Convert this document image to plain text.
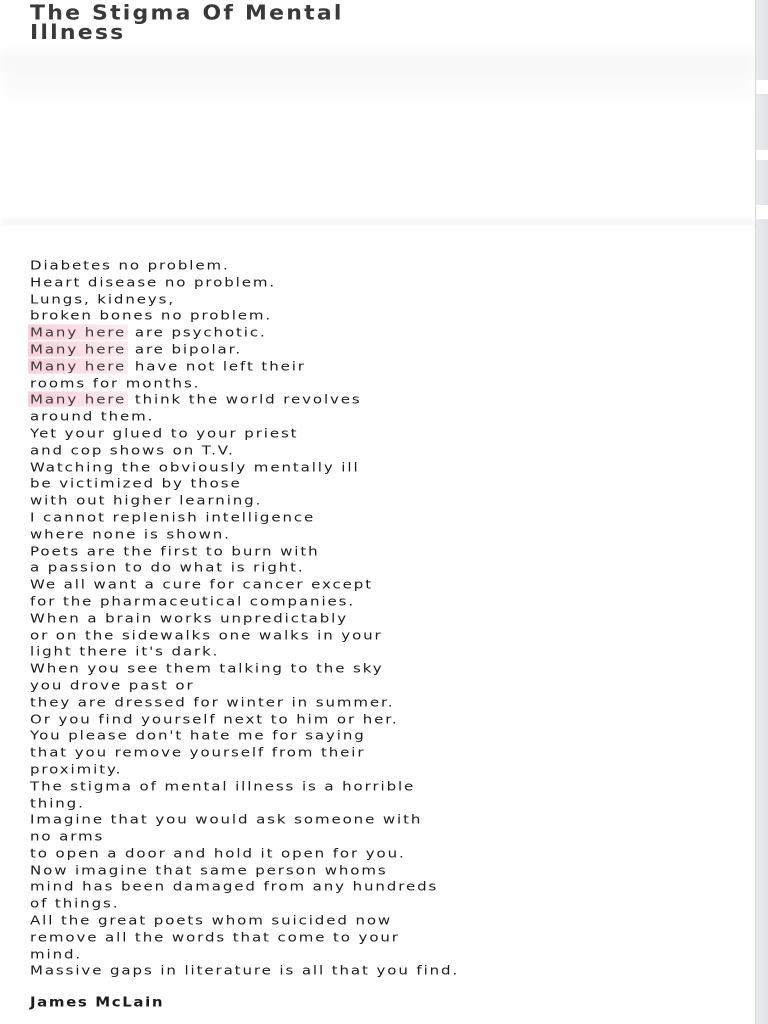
The Stigma Of Mental
Illness
Diabetes no problem.
Heart disease no problem.
Lungs, kidneys,
broken bones no problem.
Many here are psychotic.
Many here are bipolar.
Many here have not left their
rooms for months.
Many here think the world revolves
around them.
Yet your glued to your priest
and cop shows on T.V.
Watching the obviously mentally ill
be victimized by those
with out higher learning.
I cannot replenish intelligence
where none is shown.
Poets are the first to burn with
a passion to do what is right.
We all want a cure for cancer except
for the pharmaceutical companies.
When a brain works unpredictably
or on the sidewalks one walks in your
light there it's dark.
When you see them talking to the sky
you drove past or
they are dressed for winter in summer.
Or you find yourself next to him or her.
You please don't hate me for saying
that you remove yourself from their
proximity.
The stigma of mental illness is a horrible
thing.
Imagine that you would ask someone with
no arms
to open a door and hold it open for you.
Now imagine that same person whoms
mind has been damaged from any hundreds
of things.
All the great poets whom suicided now
remove all the words that come to your
mind.
Massive gaps in literature is all that you find.

James McLain
